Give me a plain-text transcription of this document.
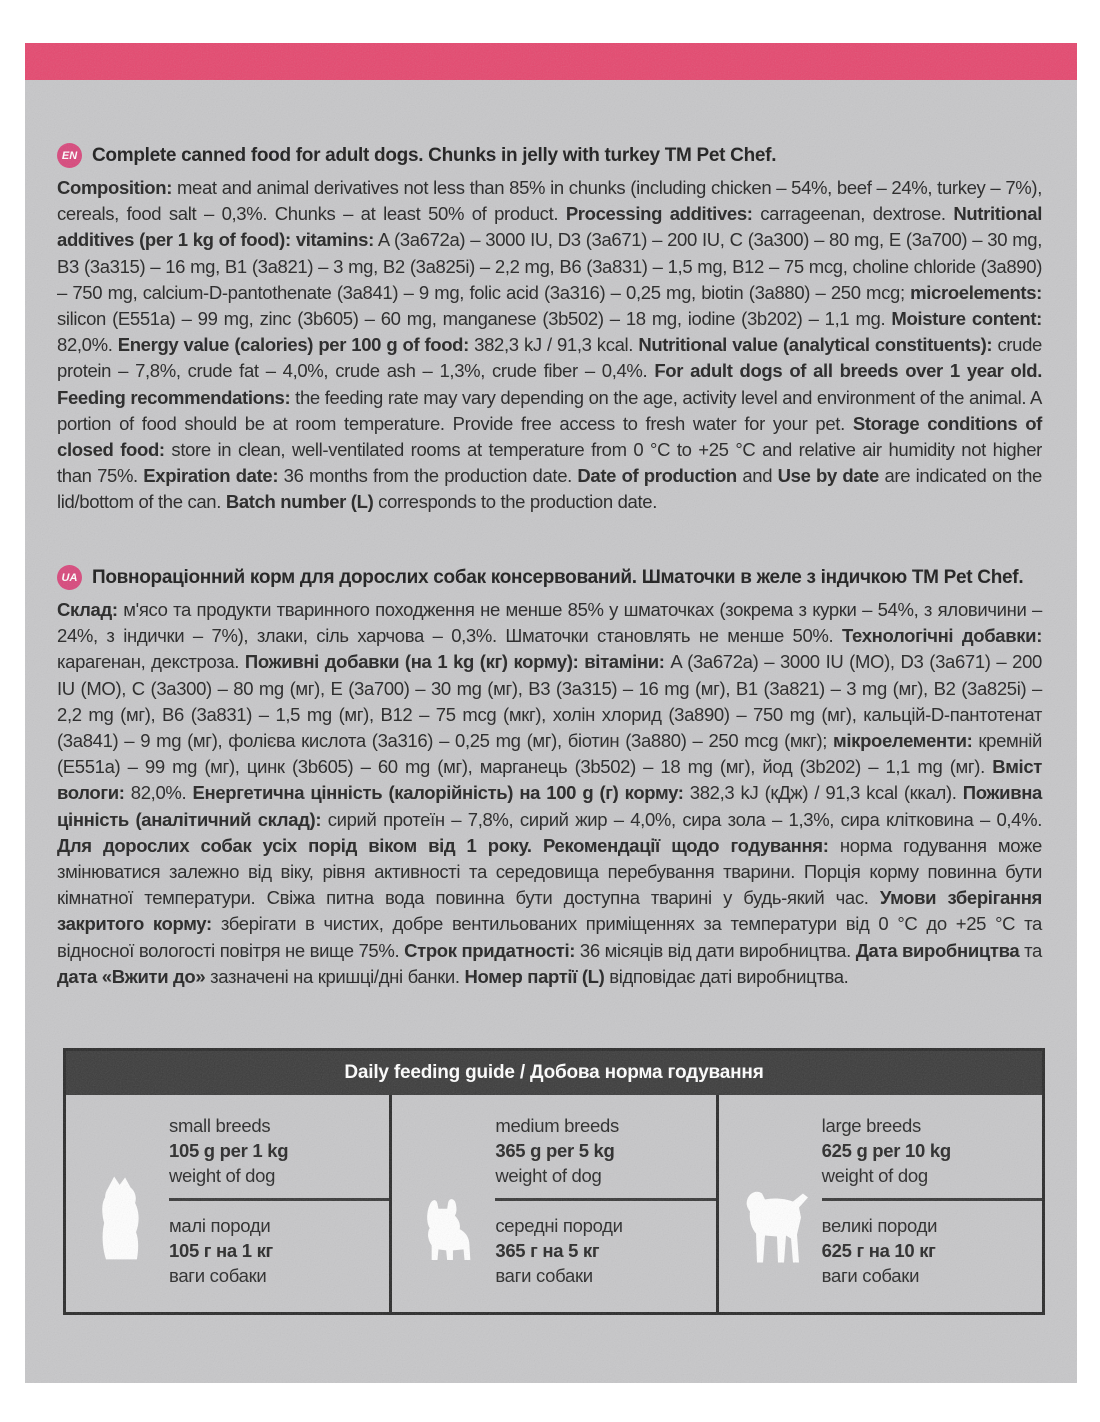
EN Complete canned food for adult dogs. Chunks in jelly with turkey TM Pet Chef.

Composition: meat and animal derivatives not less than 85% in chunks (including chicken – 54%, beef – 24%, turkey – 7%), cereals, food salt – 0,3%. Chunks – at least 50% of product. Processing additives: carrageenan, dextrose. Nutritional additives (per 1 kg of food): vitamins: A (3a672a) – 3000 IU, D3 (3a671) – 200 IU, C (3a300) – 80 mg, E (3a700) – 30 mg, B3 (3a315) – 16 mg, B1 (3a821) – 3 mg, B2 (3a825i) – 2,2 mg, B6 (3a831) – 1,5 mg, B12 – 75 mcg, choline chloride (3a890) – 750 mg, calcium-D-pantothenate (3a841) – 9 mg, folic acid (3a316) – 0,25 mg, biotin (3a880) – 250 mcg; microelements: silicon (E551a) – 99 mg, zinc (3b605) – 60 mg, manganese (3b502) – 18 mg, iodine (3b202) – 1,1 mg. Moisture content: 82,0%. Energy value (calories) per 100 g of food: 382,3 kJ / 91,3 kcal. Nutritional value (analytical constituents): crude protein – 7,8%, crude fat – 4,0%, crude ash – 1,3%, crude fiber – 0,4%. For adult dogs of all breeds over 1 year old. Feeding recommendations: the feeding rate may vary depending on the age, activity level and environment of the animal. A portion of food should be at room temperature. Provide free access to fresh water for your pet. Storage conditions of closed food: store in clean, well-ventilated rooms at temperature from 0 °C to +25 °C and relative air humidity not higher than 75%. Expiration date: 36 months from the production date. Date of production and Use by date are indicated on the lid/bottom of the can. Batch number (L) corresponds to the production date.

UA Повнораціонний корм для дорослих собак консервований. Шматочки в желе з індичкою TM Pet Chef.

Склад: м'ясо та продукти тваринного походження не менше 85% у шматочках (зокрема з курки – 54%, з яловичини – 24%, з індички – 7%), злаки, сіль харчова – 0,3%. Шматочки становлять не менше 50%. Технологічні добавки: карагенан, декстроза. Поживні добавки (на 1 kg (кг) корму): вітаміни: A (3a672a) – 3000 IU (МО), D3 (3a671) – 200 IU (МО), C (3a300) – 80 mg (мг), E (3a700) – 30 mg (мг), B3 (3a315) – 16 mg (мг), B1 (3a821) – 3 mg (мг), B2 (3a825i) – 2,2 mg (мг), B6 (3a831) – 1,5 mg (мг), B12 – 75 mcg (мкг), холін хлорид (3a890) – 750 mg (мг), кальцій-D-пантотенат (3a841) – 9 mg (мг), фолієва кислота (3a316) – 0,25 mg (мг), біотин (3a880) – 250 mcg (мкг); мікроелементи: кремній (E551a) – 99 mg (мг), цинк (3b605) – 60 mg (мг), марганець (3b502) – 18 mg (мг), йод (3b202) – 1,1 mg (мг). Вміст вологи: 82,0%. Енергетична цінність (калорійність) на 100 g (г) корму: 382,3 kJ (кДж) / 91,3 kcal (ккал). Поживна цінність (аналітичний склад): сирий протеїн – 7,8%, сирий жир – 4,0%, сира зола – 1,3%, сира клітковина – 0,4%. Для дорослих собак усіх порід віком від 1 року. Рекомендації щодо годування: норма годування може змінюватися залежно від віку, рівня активності та середовища перебування тварини. Порція корму повинна бути кімнатної температури. Свіжа питна вода повинна бути доступна тварині у будь-який час. Умови зберігання закритого корму: зберігати в чистих, добре вентильованих приміщеннях за температури від 0 °C до +25 °C та відносної вологості повітря не вище 75%. Строк придатності: 36 місяців від дати виробництва. Дата виробництва та дата «Вжити до» зазначені на кришці/дні банки. Номер партії (L) відповідає даті виробництва.

Daily feeding guide / Добова норма годування
small breeds
105 g per 1 kg
weight of dog
малі породи
105 г на 1 кг
ваги собаки
medium breeds
365 g per 5 kg
weight of dog
середні породи
365 г на 5 кг
ваги собаки
large breeds
625 g per 10 kg
weight of dog
великі породи
625 г на 10 кг
ваги собаки
